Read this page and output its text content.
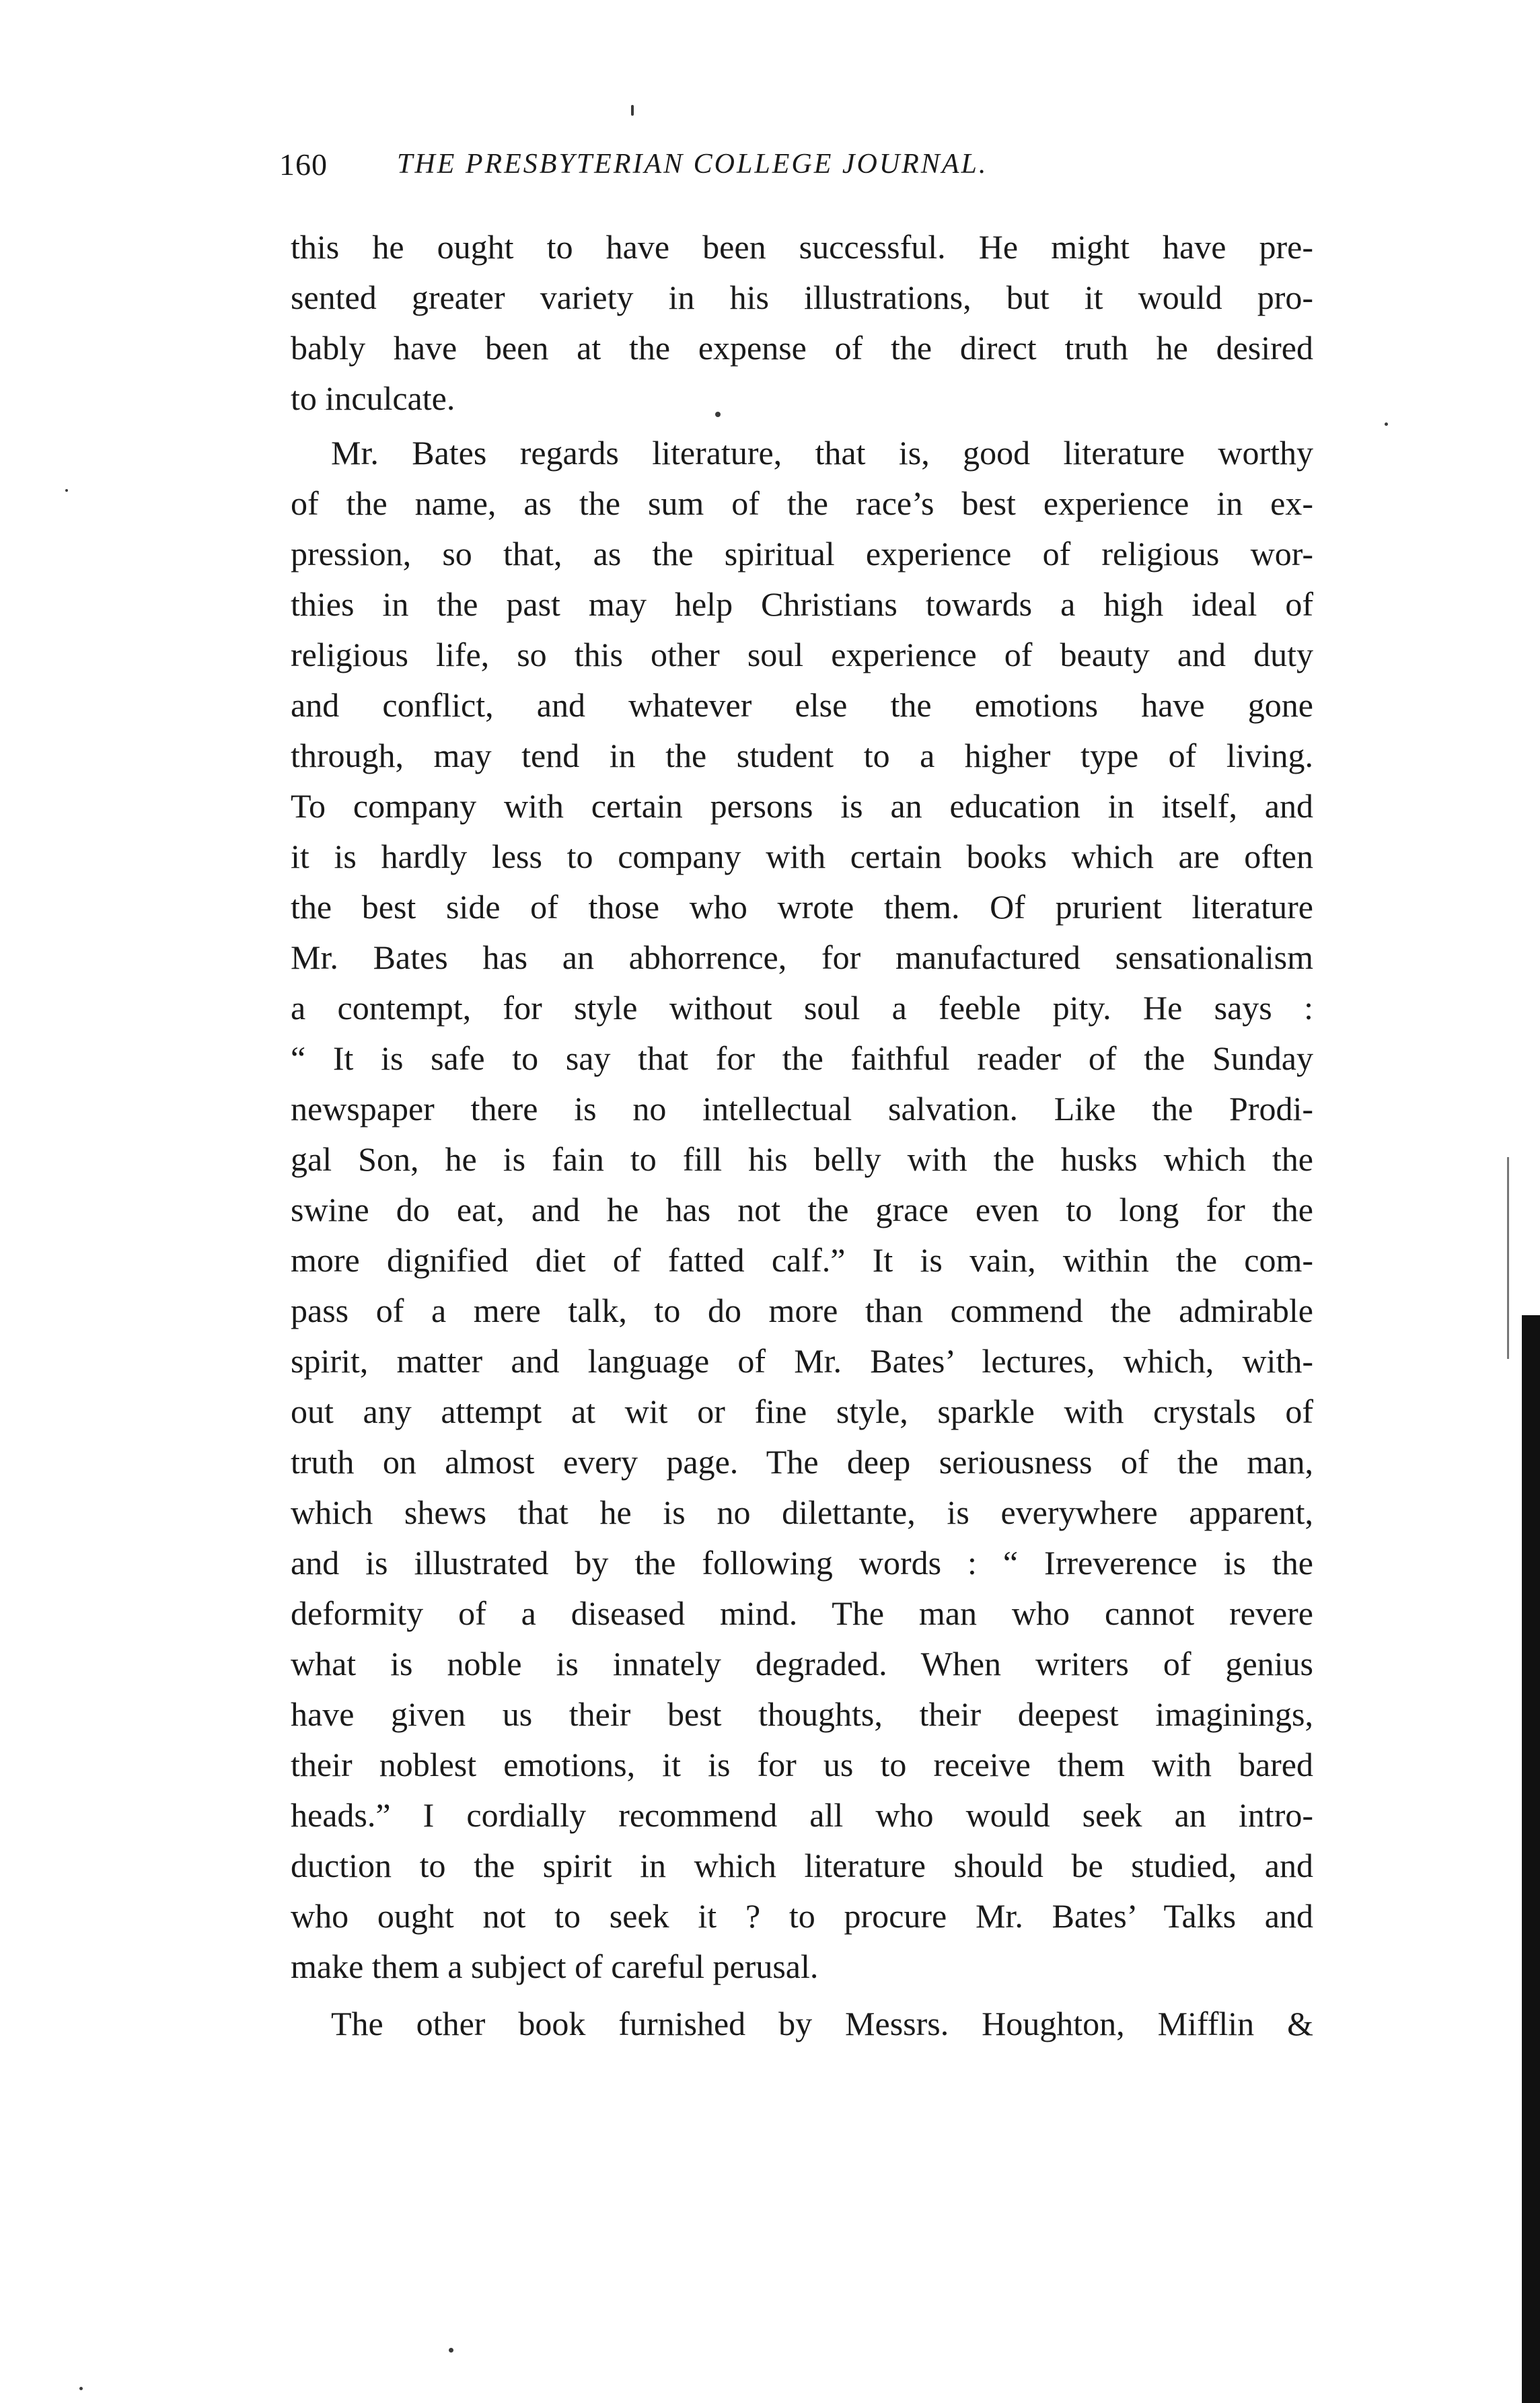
160 THE PRESBYTERIAN COLLEGE JOURNAL.
this he ought to have been successful. He might have pre-
sented greater variety in his illustrations, but it would pro-
bably have been at the expense of the direct truth he desired
to inculcate.
Mr. Bates regards literature, that is, good literature worthy
of the name, as the sum of the race’s best experience in ex-
pression, so that, as the spiritual experience of religious wor-
thies in the past may help Christians towards a high ideal of
religious life, so this other soul experience of beauty and duty
and conflict, and whatever else the emotions have gone
through, may tend in the student to a higher type of living.
To company with certain persons is an education in itself, and
it is hardly less to company with certain books which are often
the best side of those who wrote them. Of prurient literature
Mr. Bates has an abhorrence, for manufactured sensationalism
a contempt, for style without soul a feeble pity. He says :
“ It is safe to say that for the faithful reader of the Sunday
newspaper there is no intellectual salvation. Like the Prodi-
gal Son, he is fain to fill his belly with the husks which the
swine do eat, and he has not the grace even to long for the
more dignified diet of fatted calf.” It is vain, within the com-
pass of a mere talk, to do more than commend the admirable
spirit, matter and language of Mr. Bates’ lectures, which, with-
out any attempt at wit or fine style, sparkle with crystals of
truth on almost every page. The deep seriousness of the man,
which shews that he is no dilettante, is everywhere apparent,
and is illustrated by the following words : “ Irreverence is the
deformity of a diseased mind. The man who cannot revere
what is noble is innately degraded. When writers of genius
have given us their best thoughts, their deepest imaginings,
their noblest emotions, it is for us to receive them with bared
heads.” I cordially recommend all who would seek an intro-
duction to the spirit in which literature should be studied, and
who ought not to seek it ? to procure Mr. Bates’ Talks and
make them a subject of careful perusal.
The other book furnished by Messrs. Houghton, Mifflin &
